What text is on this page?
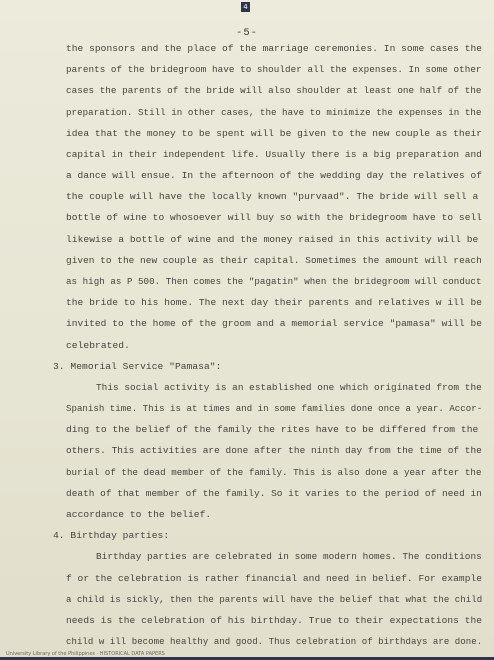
4
-5-
the sponsors and the place of the marriage ceremonies. In some cases the
parents of the bridegroom have to shoulder all the expenses. In some other
cases the parents of the bride will also shoulder at least one half of the
preparation. Still in other cases, the have to minimize the expenses in the
idea that the money to be spent will be given to the new couple as their
capital in their independent life. Usually there is a big preparation and
a dance will ensue. In the afternoon of the wedding day the relatives of
the couple will have the locally known "purvaad". The bride will sell a
bottle of wine to whosoever will buy so with the bridegroom have to sell
likewise a bottle of wine and the money raised in this activity will be
given to the new couple as their capital. Sometimes the amount will reach
as high as P 500. Then comes the "pagatin" when the bridegroom will conduct
the bride to his home. The next day their parents and relatives w ill be
invited to the home of the groom and a memorial service "pamasa" will be
celebrated.
3. Memorial Service "Pamasa":
This social activity is an established one which originated from the
Spanish time. This is at times and in some families done once a year. Accor-
ding to the belief of the family the rites have to be differed from the
others. This activities are done after the ninth day from the time of the
burial of the dead member of the family. This is also done a year after the
death of that member of the family. So it varies to the period of need in
accordance to the belief.
4. Birthday parties:
Birthday parties are celebrated in some modern homes. The conditions
f or the celebration is rather financial and need in belief. For example
a child is sickly, then the parents will have the belief that what the child
needs is the celebration of his birthday. True to their expectations the
child w ill become healthy and good. Thus celebration of birthdays are done.
University Library of the Philippines · HISTORICAL DATA PAPERS
